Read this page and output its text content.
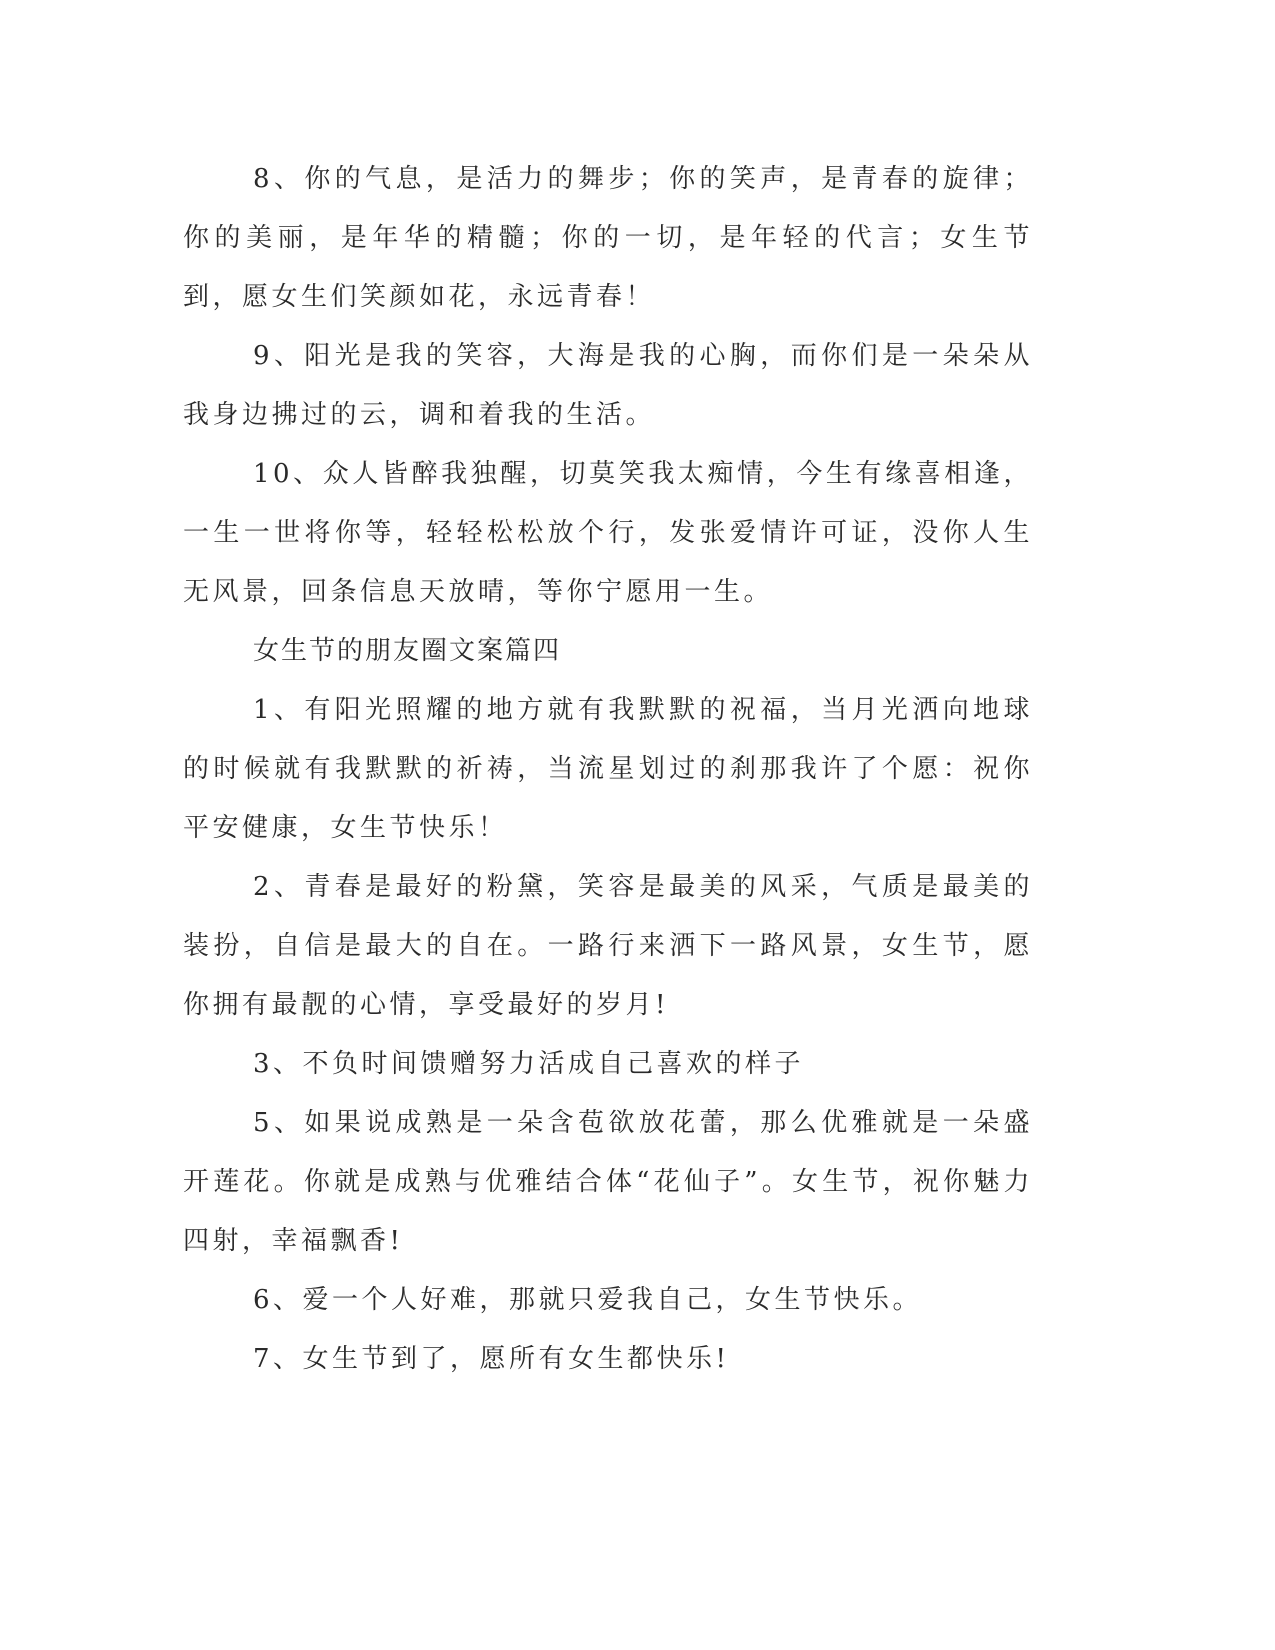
8、你的气息，是活力的舞步；你的笑声，是青春的旋律；你的美丽，是年华的精髓；你的一切，是年轻的代言；女生节到，愿女生们笑颜如花，永远青春！

9、阳光是我的笑容，大海是我的心胸，而你们是一朵朵从我身边拂过的云，调和着我的生活。

10、众人皆醉我独醒，切莫笑我太痴情，今生有缘喜相逢，一生一世将你等，轻轻松松放个行，发张爱情许可证，没你人生无风景，回条信息天放晴，等你宁愿用一生。

女生节的朋友圈文案篇四

1、有阳光照耀的地方就有我默默的祝福，当月光洒向地球的时候就有我默默的祈祷，当流星划过的刹那我许了个愿：祝你平安健康，女生节快乐！

2、青春是最好的粉黛，笑容是最美的风采，气质是最美的装扮，自信是最大的自在。一路行来洒下一路风景，女生节，愿你拥有最靓的心情，享受最好的岁月!

3、不负时间馈赠努力活成自己喜欢的样子

5、如果说成熟是一朵含苞欲放花蕾，那么优雅就是一朵盛开莲花。你就是成熟与优雅结合体“花仙子”。女生节，祝你魅力四射，幸福飘香!

6、爱一个人好难，那就只爱我自己，女生节快乐。

7、女生节到了，愿所有女生都快乐!
